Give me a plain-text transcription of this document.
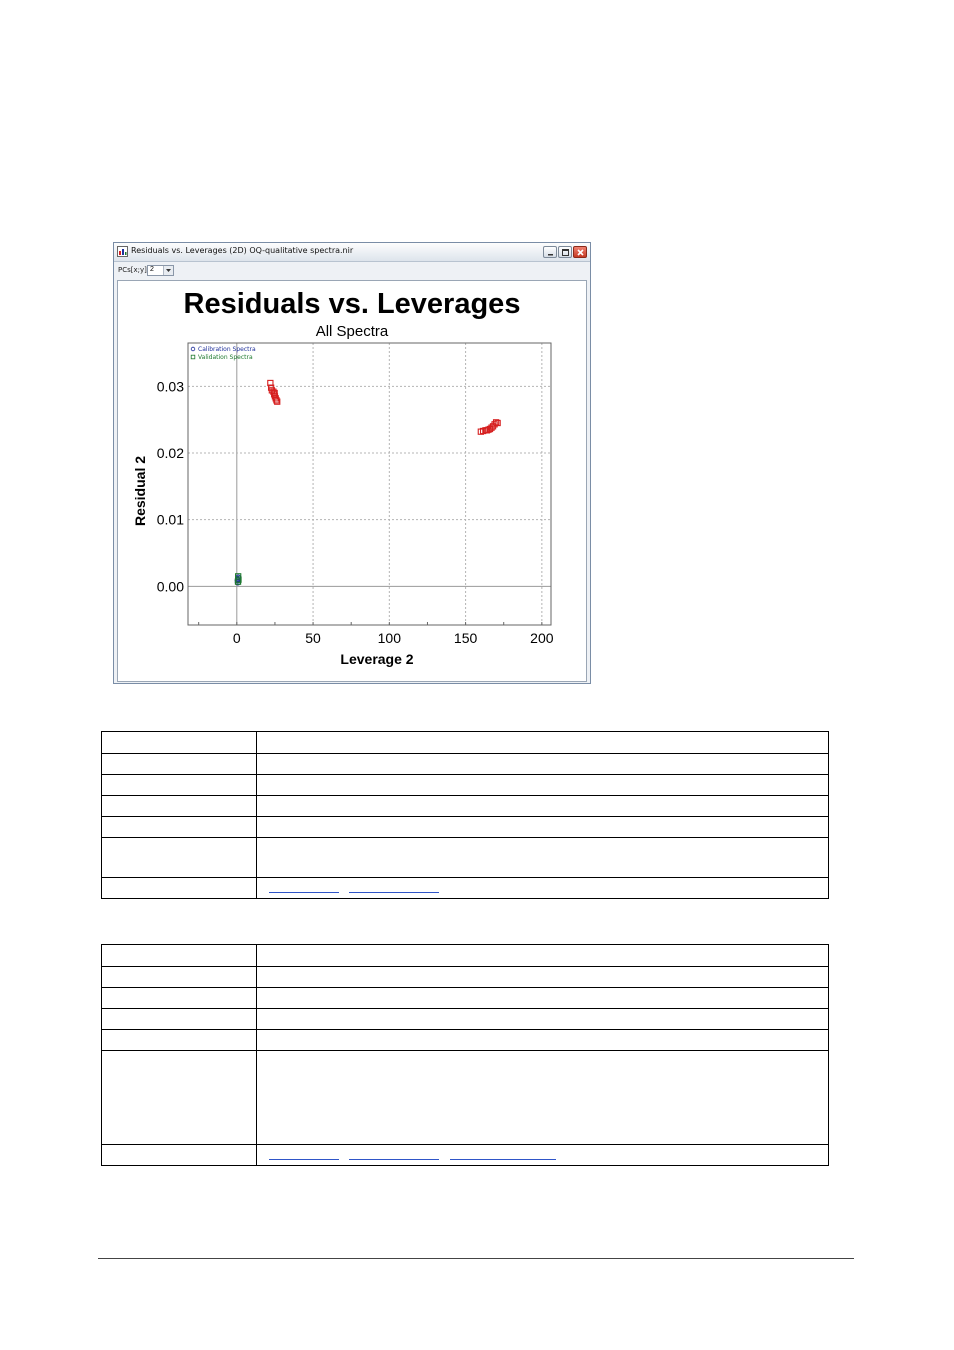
Residuals vs. Leverages (2D) OQ-qualitative spectra.nir
PCs[x;y] 2
Residuals vs. Leverages
All Spectra
0	50	100	150	200
0.00
0.01
0.02
0.03
Calibration Spectra
Validation Spectra
Leverage 2
Residual 2
